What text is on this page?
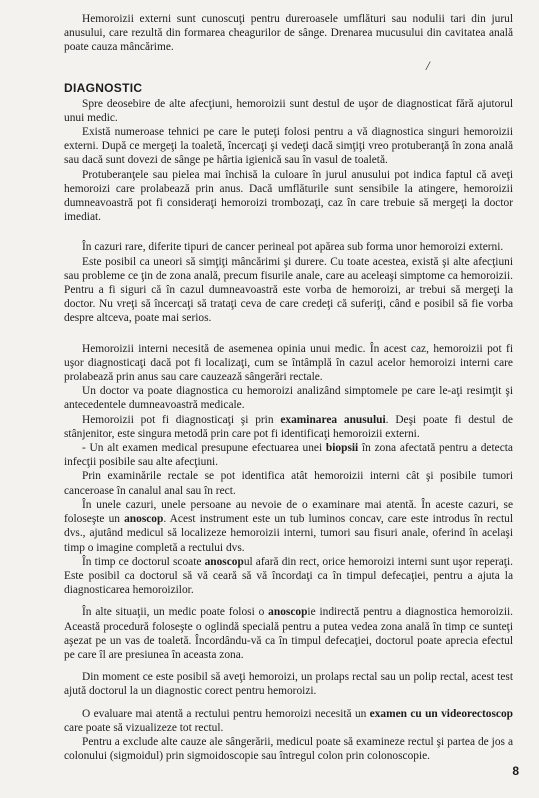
Hemoroizii externi sunt cunoscuţi pentru dureroasele umflături sau nodulii tari din jurul anusului, care rezultă din formarea cheagurilor de sânge. Drenarea mucusului din cavitatea anală poate cauza mâncărime.

/
DIAGNOSTIC

Spre deosebire de alte afecţiuni, hemoroizii sunt destul de uşor de diagnosticat fără ajutorul unui medic.

Există numeroase tehnici pe care le puteţi folosi pentru a vă diagnostica singuri hemoroizii externi. După ce mergeţi la toaletă, încercaţi şi vedeţi dacă simţiţi vreo protuberanţă în zona anală sau dacă sunt dovezi de sânge pe hârtia igienică sau în vasul de toaletă.

Protuberanţele sau pielea mai închisă la culoare în jurul anusului pot indica faptul că aveţi hemoroizi care prolabează prin anus. Dacă umflăturile sunt sensibile la atingere, hemoroizii dumneavoastră pot fi consideraţi hemoroizi trombozaţi, caz în care trebuie să mergeţi la doctor imediat.

În cazuri rare, diferite tipuri de cancer perineal pot apărea sub forma unor hemoroizi externi.

Este posibil ca uneori să simţiţi mâncărimi şi durere. Cu toate acestea, există şi alte afecţiuni sau probleme ce ţin de zona anală, precum fisurile anale, care au aceleaşi simptome ca hemoroizii. Pentru a fi siguri că în cazul dumneavoastră este vorba de hemoroizi, ar trebui să mergeţi la doctor. Nu vreţi să încercaţi să trataţi ceva de care credeţi că suferiţi, când e posibil să fie vorba despre altceva, poate mai serios.

Hemoroizii interni necesită de asemenea opinia unui medic. În acest caz, hemoroizii pot fi uşor diagnosticaţi dacă pot fi localizaţi, cum se întâmplă în cazul acelor hemoroizi interni care prolabează prin anus sau care cauzează sângerări rectale.

Un doctor va poate diagnostica cu hemoroizi analizând simptomele pe care le-aţi resimţit şi antecedentele dumneavoastră medicale.

Hemoroizii pot fi diagnosticaţi şi prin examinarea anusului. Deşi poate fi destul de stânjenitor, este singura metodă prin care pot fi identificaţi hemoroizii externi.

- Un alt examen medical presupune efectuarea unei biopsii în zona afectată pentru a detecta infecţii posibile sau alte afecţiuni.

Prin examinările rectale se pot identifica atât hemoroizii interni cât şi posibile tumori canceroase în canalul anal sau în rect.

În unele cazuri, unele persoane au nevoie de o examinare mai atentă. În aceste cazuri, se foloseşte un anoscop. Acest instrument este un tub luminos concav, care este introdus în rectul dvs., ajutând medicul să localizeze hemoroizii interni, tumori sau fisuri anale, oferind în acelaşi timp o imagine completă a rectului dvs.

În timp ce doctorul scoate anoscopul afară din rect, orice hemoroizi interni sunt uşor reperaţi. Este posibil ca doctorul să vă ceară să vă încordaţi ca în timpul defecaţiei, pentru a ajuta la diagnosticarea hemoroizilor.

În alte situaţii, un medic poate folosi o anoscopie indirectă pentru a diagnostica hemoroizii. Această procedură foloseşte o oglindă specială pentru a putea vedea zona anală în timp ce sunteţi aşezat pe un vas de toaletă. Încordându-vă ca în timpul defecaţiei, doctorul poate aprecia efectul pe care îl are presiunea în aceasta zona.

Din moment ce este posibil să aveţi hemoroizi, un prolaps rectal sau un polip rectal, acest test ajută doctorul la un diagnostic corect pentru hemoroizi.

O evaluare mai atentă a rectului pentru hemoroizi necesită un examen cu un videorectoscop care poate să vizualizeze tot rectul.

Pentru a exclude alte cauze ale sângerării, medicul poate să examineze rectul şi partea de jos a colonului (sigmoidul) prin sigmoidoscopie sau întregul colon prin colonoscopie.

8
